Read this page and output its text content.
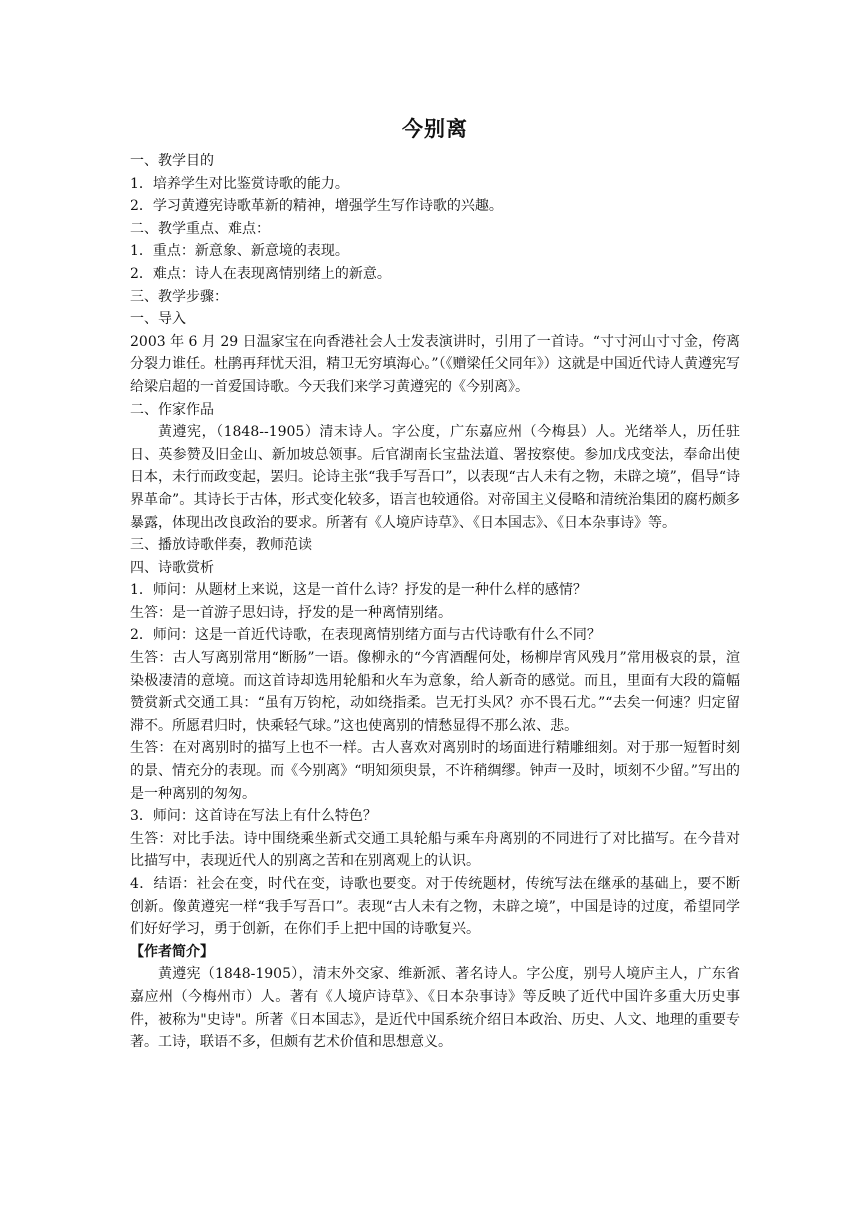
今别离

一、教学目的

1．培养学生对比鉴赏诗歌的能力。

2．学习黄遵宪诗歌革新的精神，增强学生写作诗歌的兴趣。

二、教学重点、难点：

1．重点：新意象、新意境的表现。

2．难点：诗人在表现离情别绪上的新意。

三、教学步骤：

一、导入

2003 年 6 月 29 日温家宝在向香港社会人士发表演讲时，引用了一首诗。“寸寸河山寸寸金，侉离分裂力谁任。杜鹃再拜忧天泪，精卫无穷填海心。”（《赠梁任父同年》）这就是中国近代诗人黄遵宪写给梁启超的一首爱国诗歌。今天我们来学习黄遵宪的《今别离》。

二、作家作品

黄遵宪，（1848--1905）清末诗人。字公度，广东嘉应州（今梅县）人。光绪举人，历任驻日、英参赞及旧金山、新加坡总领事。后官湖南长宝盐法道、署按察使。参加戊戌变法，奉命出使日本，未行而政变起，罢归。论诗主张“我手写吾口”，以表现“古人未有之物，未辟之境”，倡导“诗界革命”。其诗长于古体，形式变化较多，语言也较通俗。对帝国主义侵略和清统治集团的腐朽颇多暴露，体现出改良政治的要求。所著有《人境庐诗草》、《日本国志》、《日本杂事诗》等。

三、播放诗歌伴奏，教师范读

四、诗歌赏析

1．师问：从题材上来说，这是一首什么诗？抒发的是一种什么样的感情？

生答：是一首游子思妇诗，抒发的是一种离情别绪。

2．师问：这是一首近代诗歌，在表现离情别绪方面与古代诗歌有什么不同？

生答：古人写离别常用“断肠”一语。像柳永的“今宵酒醒何处，杨柳岸宵风残月”常用极哀的景，渲染极凄清的意境。而这首诗却选用轮船和火车为意象，给人新奇的感觉。而且，里面有大段的篇幅赞赏新式交通工具：“虽有万钧柁，动如绕指柔。岂无打头风？亦不畏石尤。”“去矣一何速？归定留滞不。所愿君归时，快乘轻气球。”这也使离别的情愁显得不那么浓、悲。

生答：在对离别时的描写上也不一样。古人喜欢对离别时的场面进行精雕细刻。对于那一短暂时刻的景、情充分的表现。而《今别离》“明知须臾景，不许稍绸缪。钟声一及时，顷刻不少留。”写出的是一种离别的匆匆。

3．师问：这首诗在写法上有什么特色？

生答：对比手法。诗中围绕乘坐新式交通工具轮船与乘车舟离别的不同进行了对比描写。在今昔对比描写中，表现近代人的别离之苦和在别离观上的认识。

4．结语：社会在变，时代在变，诗歌也要变。对于传统题材，传统写法在继承的基础上，要不断创新。像黄遵宪一样“我手写吾口”。表现“古人未有之物，未辟之境”，中国是诗的过度，希望同学们好好学习，勇于创新，在你们手上把中国的诗歌复兴。

【作者简介】

黄遵宪（1848-1905），清末外交家、维新派、著名诗人。字公度，别号人境庐主人，广东省嘉应州（今梅州市）人。著有《人境庐诗草》、《日本杂事诗》等反映了近代中国许多重大历史事件，被称为"史诗"。所著《日本国志》，是近代中国系统介绍日本政治、历史、人文、地理的重要专著。工诗，联语不多，但颇有艺术价值和思想意义。
